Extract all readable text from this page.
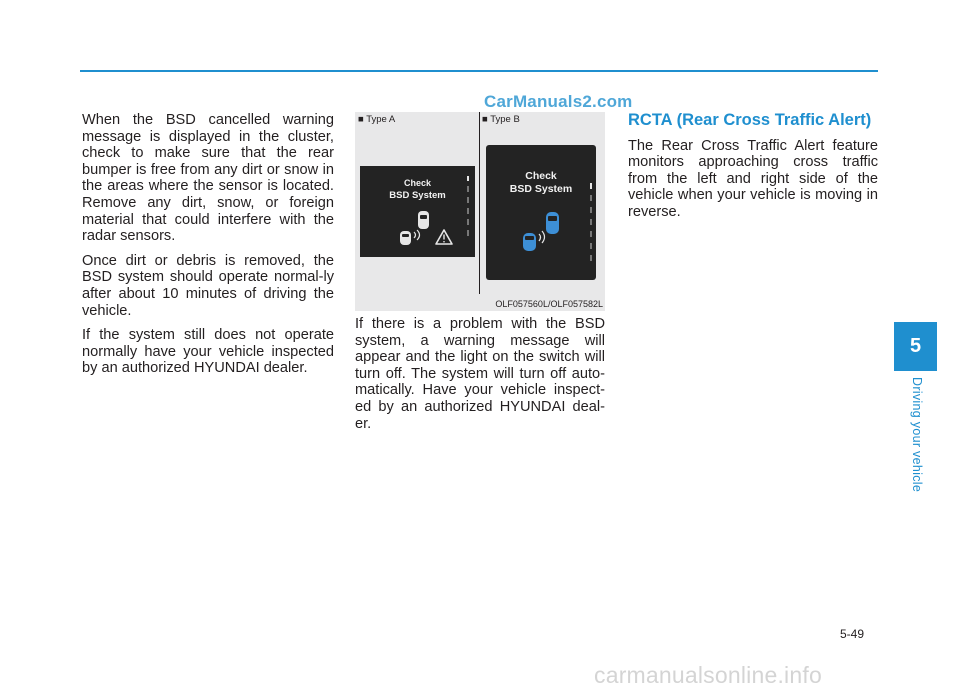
CarManuals2.com

When the BSD cancelled warning message is displayed in the cluster, check to make sure that the rear bumper is free from any dirt or snow in the areas where the sensor is located. Remove any dirt, snow, or foreign material that could interfere with the radar sensors.

Once dirt or debris is removed, the BSD system should operate normal-ly after about 10 minutes of driving the vehicle.

If the system still does not operate normally have your vehicle inspected by an authorized HYUNDAI dealer.

■ Type A	■ Type B
Check
BSD System
Check
BSD System
OLF057560L/OLF057582L

If there is a problem with the BSD system, a warning message will appear and the light on the switch will turn off. The system will turn off auto-matically. Have your vehicle inspect-ed by an authorized HYUNDAI deal-er.

RCTA (Rear Cross Traffic Alert)

The Rear Cross Traffic Alert feature monitors approaching cross traffic from the left and right side of the vehicle when your vehicle is moving in reverse.

5
Driving your vehicle
5-49
carmanualsonline.info
